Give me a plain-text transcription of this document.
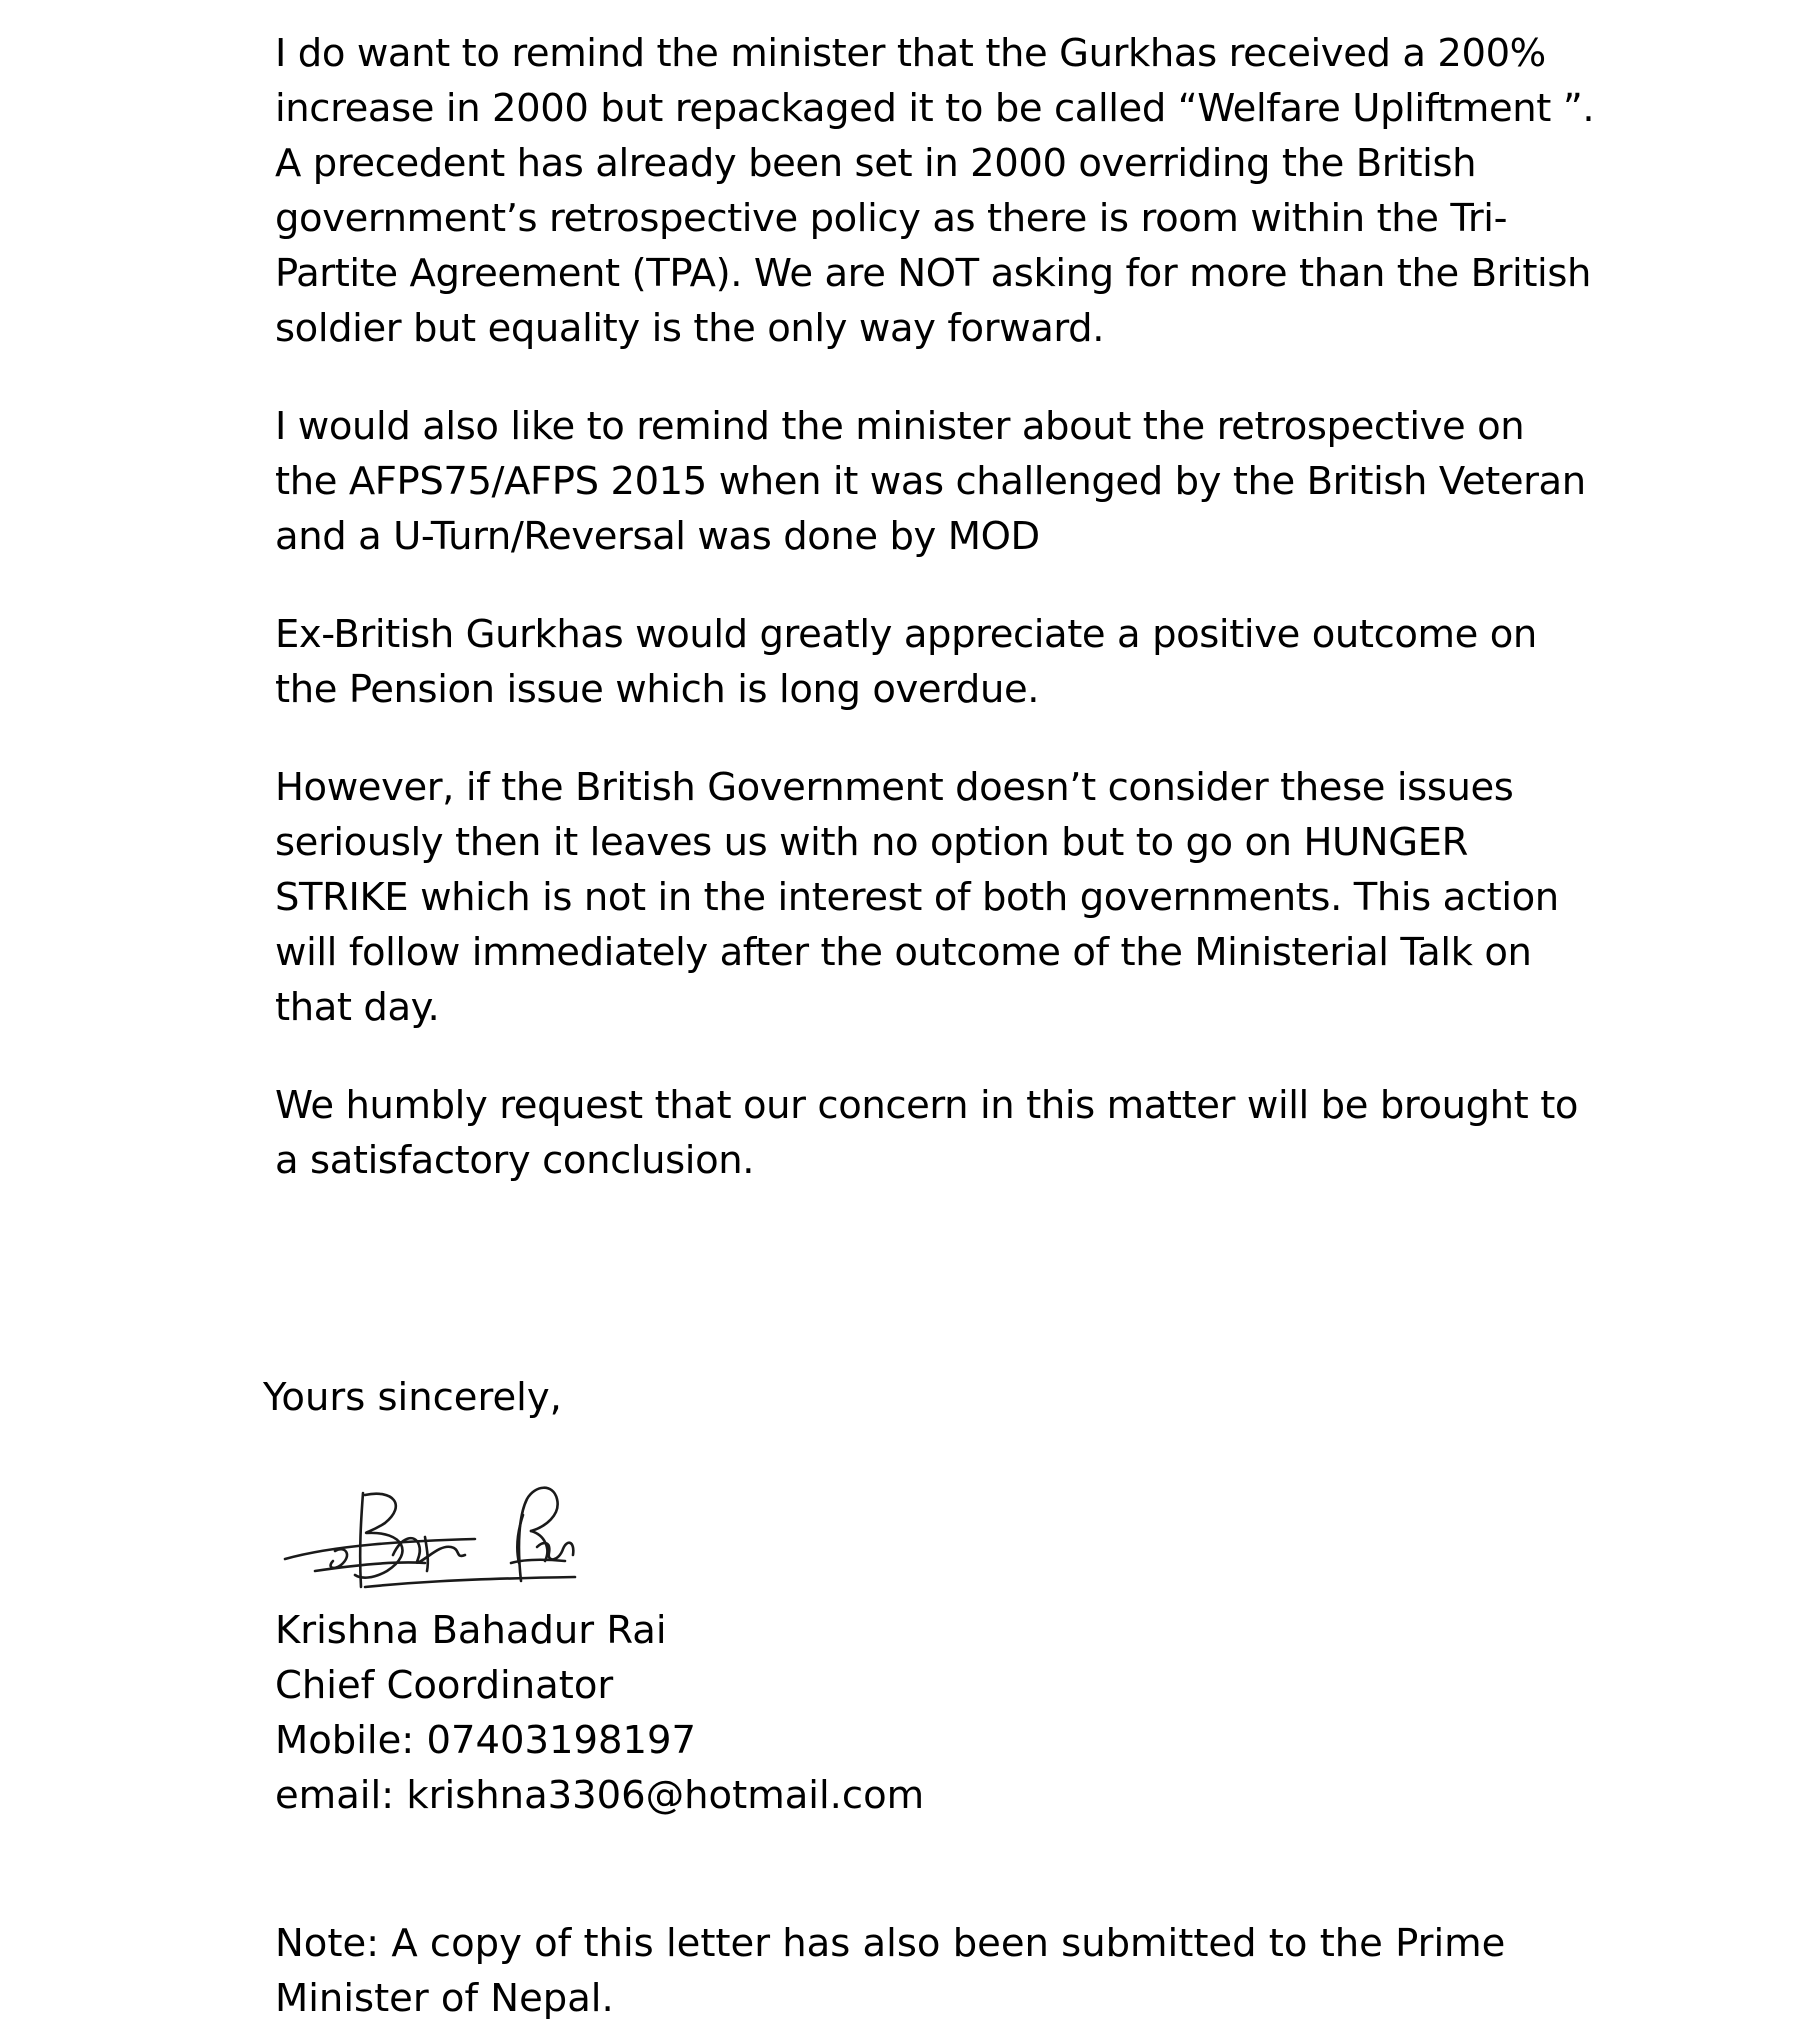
I do want to remind the minister that the Gurkhas received a 200%
increase in 2000 but repackaged it to be called “Welfare Upliftment ”.
A precedent has already been set in 2000 overriding the British
government’s retrospective policy as there is room within the Tri-
Partite Agreement (TPA). We are NOT asking for more than the British
soldier but equality is the only way forward.

I would also like to remind the minister about the retrospective on
the AFPS75/AFPS 2015 when it was challenged by the British Veteran
and a U-Turn/Reversal was done by MOD

Ex-British Gurkhas would greatly appreciate a positive outcome on
the Pension issue which is long overdue.

However, if the British Government doesn’t consider these issues
seriously then it leaves us with no option but to go on HUNGER
STRIKE which is not in the interest of both governments. This action
will follow immediately after the outcome of the Ministerial Talk on
that day.

We humbly request that our concern in this matter will be brought to
a satisfactory conclusion.

Yours sincerely,
Krishna Bahadur Rai
Chief Coordinator
Mobile: 07403198197
email: krishna3306@hotmail.com
Note: A copy of this letter has also been submitted to the Prime
Minister of Nepal.
